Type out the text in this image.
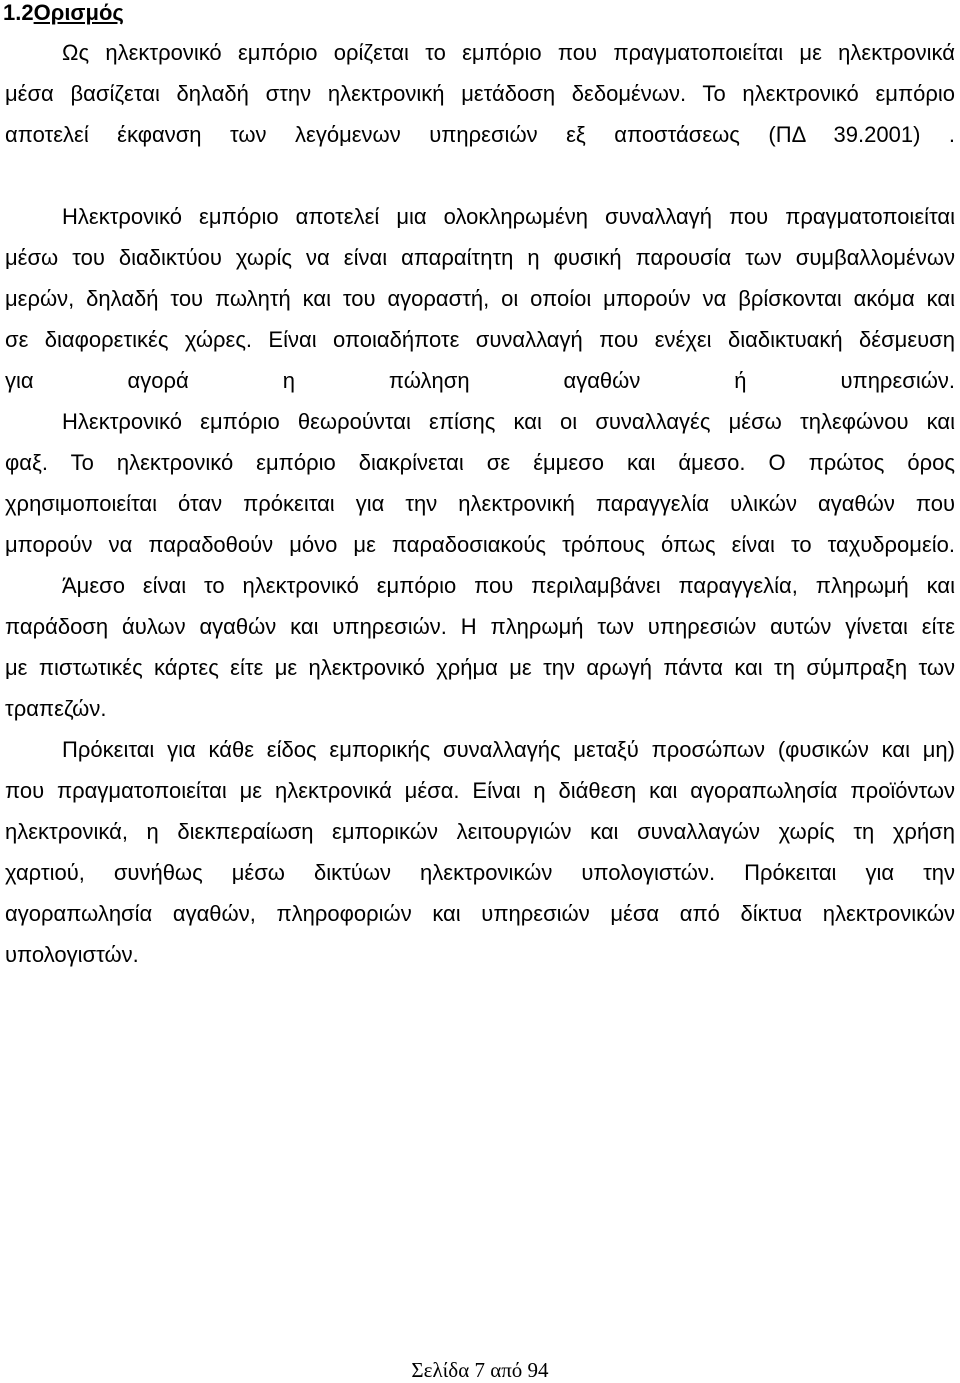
1.2Ορισμός
Ως ηλεκτρονικό εμπόριο ορίζεται το εμπόριο που πραγματοποιείται με ηλεκτρονικά
μέσα βασίζεται δηλαδή στην ηλεκτρονική μετάδοση δεδομένων. Το ηλεκτρονικό εμπόριο
αποτελεί έκφανση των λεγόμενων υπηρεσιών εξ αποστάσεως (ΠΔ 39.2001) .
Ηλεκτρονικό εμπόριο αποτελεί μια ολοκληρωμένη συναλλαγή που πραγματοποιείται
μέσω του διαδικτύου χωρίς να είναι απαραίτητη η φυσική παρουσία των συμβαλλομένων
μερών, δηλαδή του πωλητή και του αγοραστή, οι οποίοι μπορούν να βρίσκονται ακόμα και
σε διαφορετικές χώρες. Είναι οποιαδήποτε συναλλαγή που ενέχει διαδικτυακή δέσμευση
για αγορά η πώληση αγαθών ή υπηρεσιών.
Ηλεκτρονικό εμπόριο θεωρούνται επίσης και οι συναλλαγές μέσω τηλεφώνου και
φαξ. Το ηλεκτρονικό εμπόριο διακρίνεται σε έμμεσο και άμεσο. Ο πρώτος όρος
χρησιμοποιείται όταν πρόκειται για την ηλεκτρονική παραγγελία υλικών αγαθών που
μπορούν να παραδοθούν μόνο με παραδοσιακούς τρόπους όπως είναι το ταχυδρομείο.
Άμεσο είναι το ηλεκτρονικό εμπόριο που περιλαμβάνει παραγγελία, πληρωμή και
παράδοση άυλων αγαθών και υπηρεσιών. Η πληρωμή των υπηρεσιών αυτών γίνεται είτε
με πιστωτικές κάρτες είτε με ηλεκτρονικό χρήμα με την αρωγή πάντα και τη σύμπραξη των
τραπεζών.
Πρόκειται για κάθε είδος εμπορικής συναλλαγής μεταξύ προσώπων (φυσικών και μη)
που πραγματοποιείται με ηλεκτρονικά μέσα. Είναι η διάθεση και αγοραπωλησία προϊόντων
ηλεκτρονικά, η διεκπεραίωση εμπορικών λειτουργιών και συναλλαγών χωρίς τη χρήση
χαρτιού, συνήθως μέσω δικτύων ηλεκτρονικών υπολογιστών. Πρόκειται για την
αγοραπωλησία αγαθών, πληροφοριών και υπηρεσιών μέσα από δίκτυα ηλεκτρονικών
υπολογιστών.
Σελίδα 7 από 94
